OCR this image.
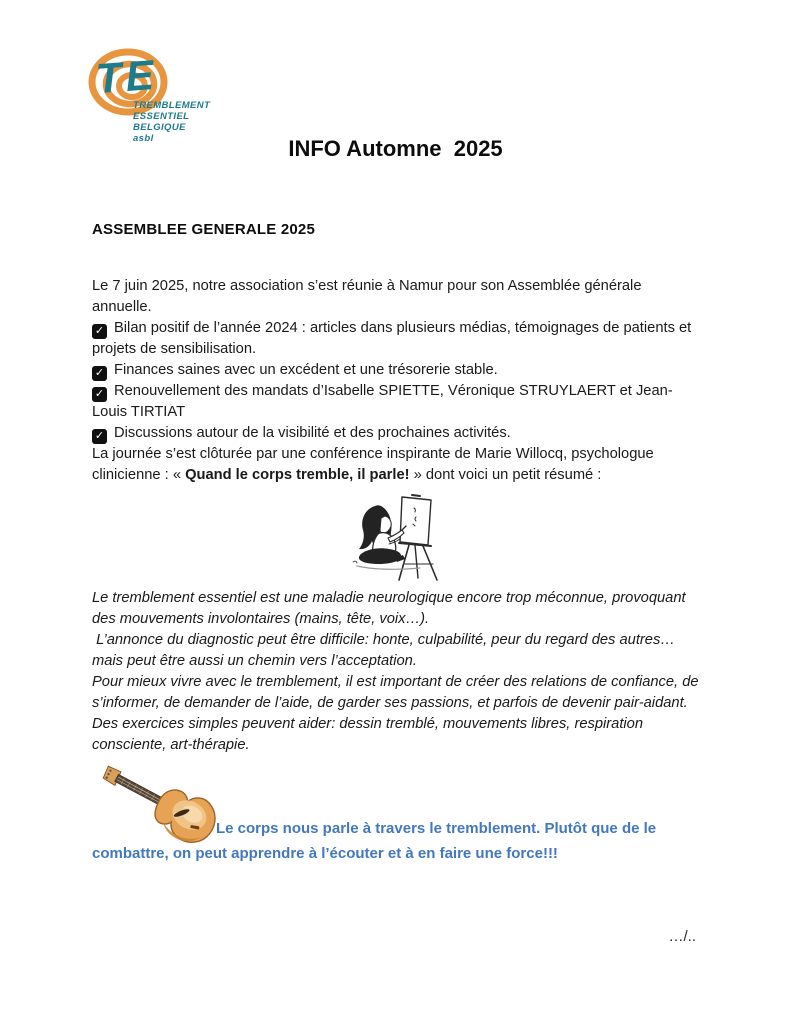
TE
TREMBLEMENT
ESSENTIEL
BELGIQUE
asbl	INFO Automne  2025
ASSEMBLEE GENERALE 2025

Le 7 juin 2025, notre association s’est réunie à Namur pour son Assemblée générale annuelle.

✓ Bilan positif de l’année 2024 : articles dans plusieurs médias, témoignages de patients et projets de sensibilisation.

✓ Finances saines avec un excédent et une trésorerie stable.

✓ Renouvellement des mandats d’Isabelle SPIETTE, Véronique STRUYLAERT et Jean-Louis TIRTIAT

✓ Discussions autour de la visibilité et des prochaines activités.

La journée s’est clôturée par une conférence inspirante de Marie Willocq, psychologue clinicienne : « Quand le corps tremble, il parle! » dont voici un petit résumé :

Le tremblement essentiel est une maladie neurologique encore trop méconnue, provoquant des mouvements involontaires (mains, tête, voix…).

L’annonce du diagnostic peut être difficile: honte, culpabilité, peur du regard des autres… mais peut être aussi un chemin vers l’acceptation.

Pour mieux vivre avec le tremblement, il est important de créer des relations de confiance, de s’informer, de demander de l’aide, de garder ses passions, et parfois de devenir pair-aidant. Des exercices simples peuvent aider: dessin tremblé, mouvements libres, respiration consciente, art-thérapie.

Le corps nous parle à travers le tremblement. Plutôt que de le combattre, on peut apprendre à l’écouter et à en faire une force!!!

…/..
